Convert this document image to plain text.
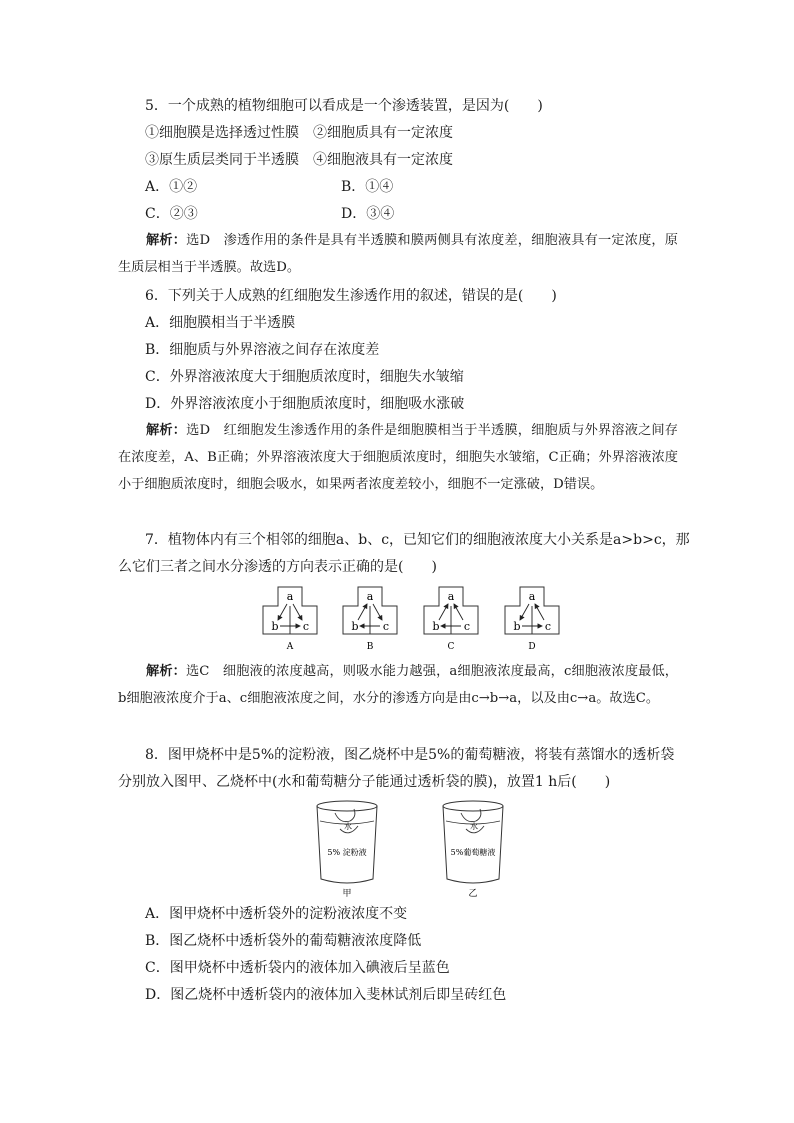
5．一个成熟的植物细胞可以看成是一个渗透装置，是因为(　　)
①细胞膜是选择透过性膜　②细胞质具有一定浓度
③原生质层类同于半透膜　④细胞液具有一定浓度
A．①②	B．①④
C．②③	D．③④
解析：选D　渗透作用的条件是具有半透膜和膜两侧具有浓度差，细胞液具有一定浓度，原生质层相当于半透膜。故选D。
6．下列关于人成熟的红细胞发生渗透作用的叙述，错误的是(　　)
A．细胞膜相当于半透膜
B．细胞质与外界溶液之间存在浓度差
C．外界溶液浓度大于细胞质浓度时，细胞失水皱缩
D．外界溶液浓度小于细胞质浓度时，细胞吸水涨破
解析：选D　红细胞发生渗透作用的条件是细胞膜相当于半透膜，细胞质与外界溶液之间存在浓度差，A、B正确；外界溶液浓度大于细胞质浓度时，细胞失水皱缩，C正确；外界溶液浓度小于细胞质浓度时，细胞会吸水，如果两者浓度差较小，细胞不一定涨破，D错误。
7．植物体内有三个相邻的细胞a、b、c，已知它们的细胞液浓度大小关系是a>b>c，那
么它们三者之间水分渗透的方向表示正确的是(　　)
a
b c
A
a
b c
B
a
b c
C
a
b c
D
解析：选C　细胞液的浓度越高，则吸水能力越强，a细胞液浓度最高，c细胞液浓度最低，b细胞液浓度介于a、c细胞液浓度之间，水分的渗透方向是由c→b→a，以及由c→a。故选C。
8．图甲烧杯中是5%的淀粉液，图乙烧杯中是5%的葡萄糖液，将装有蒸馏水的透析袋
分别放入图甲、乙烧杯中(水和葡萄糖分子能通过透析袋的膜)，放置1 h后(　　)
水
5% 淀粉液
甲
水
5%葡萄糖液
乙
A．图甲烧杯中透析袋外的淀粉液浓度不变
B．图乙烧杯中透析袋外的葡萄糖液浓度降低
C．图甲烧杯中透析袋内的液体加入碘液后呈蓝色
D．图乙烧杯中透析袋内的液体加入斐林试剂后即呈砖红色
